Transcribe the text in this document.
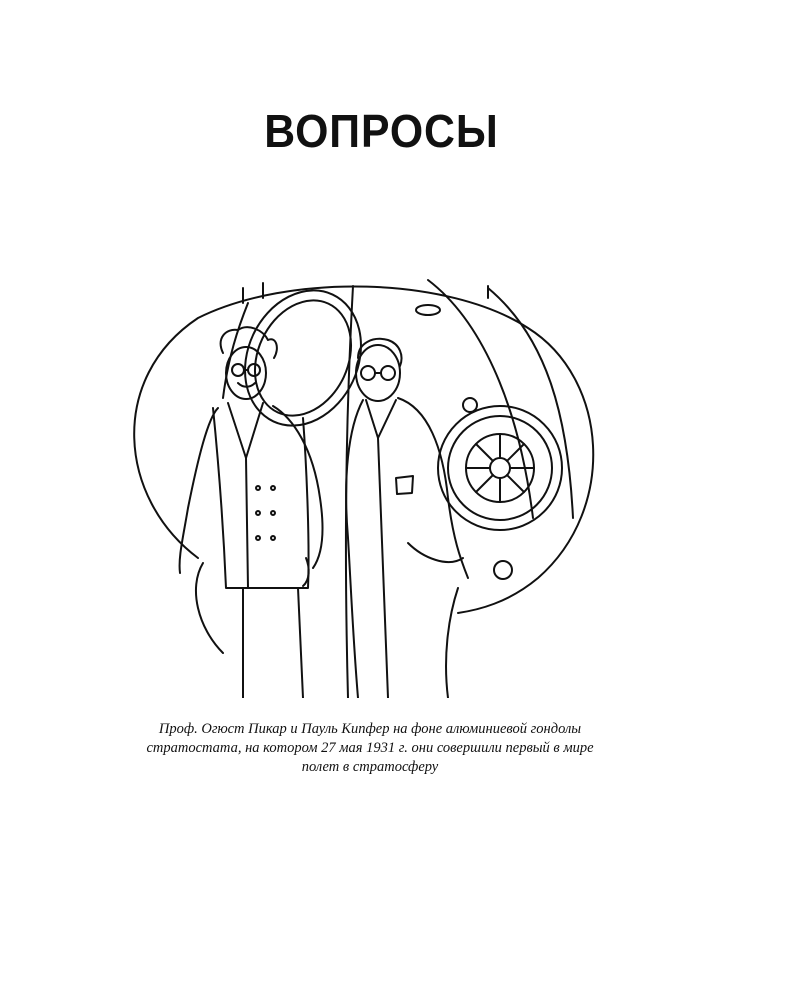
ВОПРОСЫ
Проф. Огюст Пикар и Пауль Кипфер на фоне алюминиевой гондолы
стратостата, на котором 27 мая 1931 г. они совершили первый в мире
полет в стратосферу
